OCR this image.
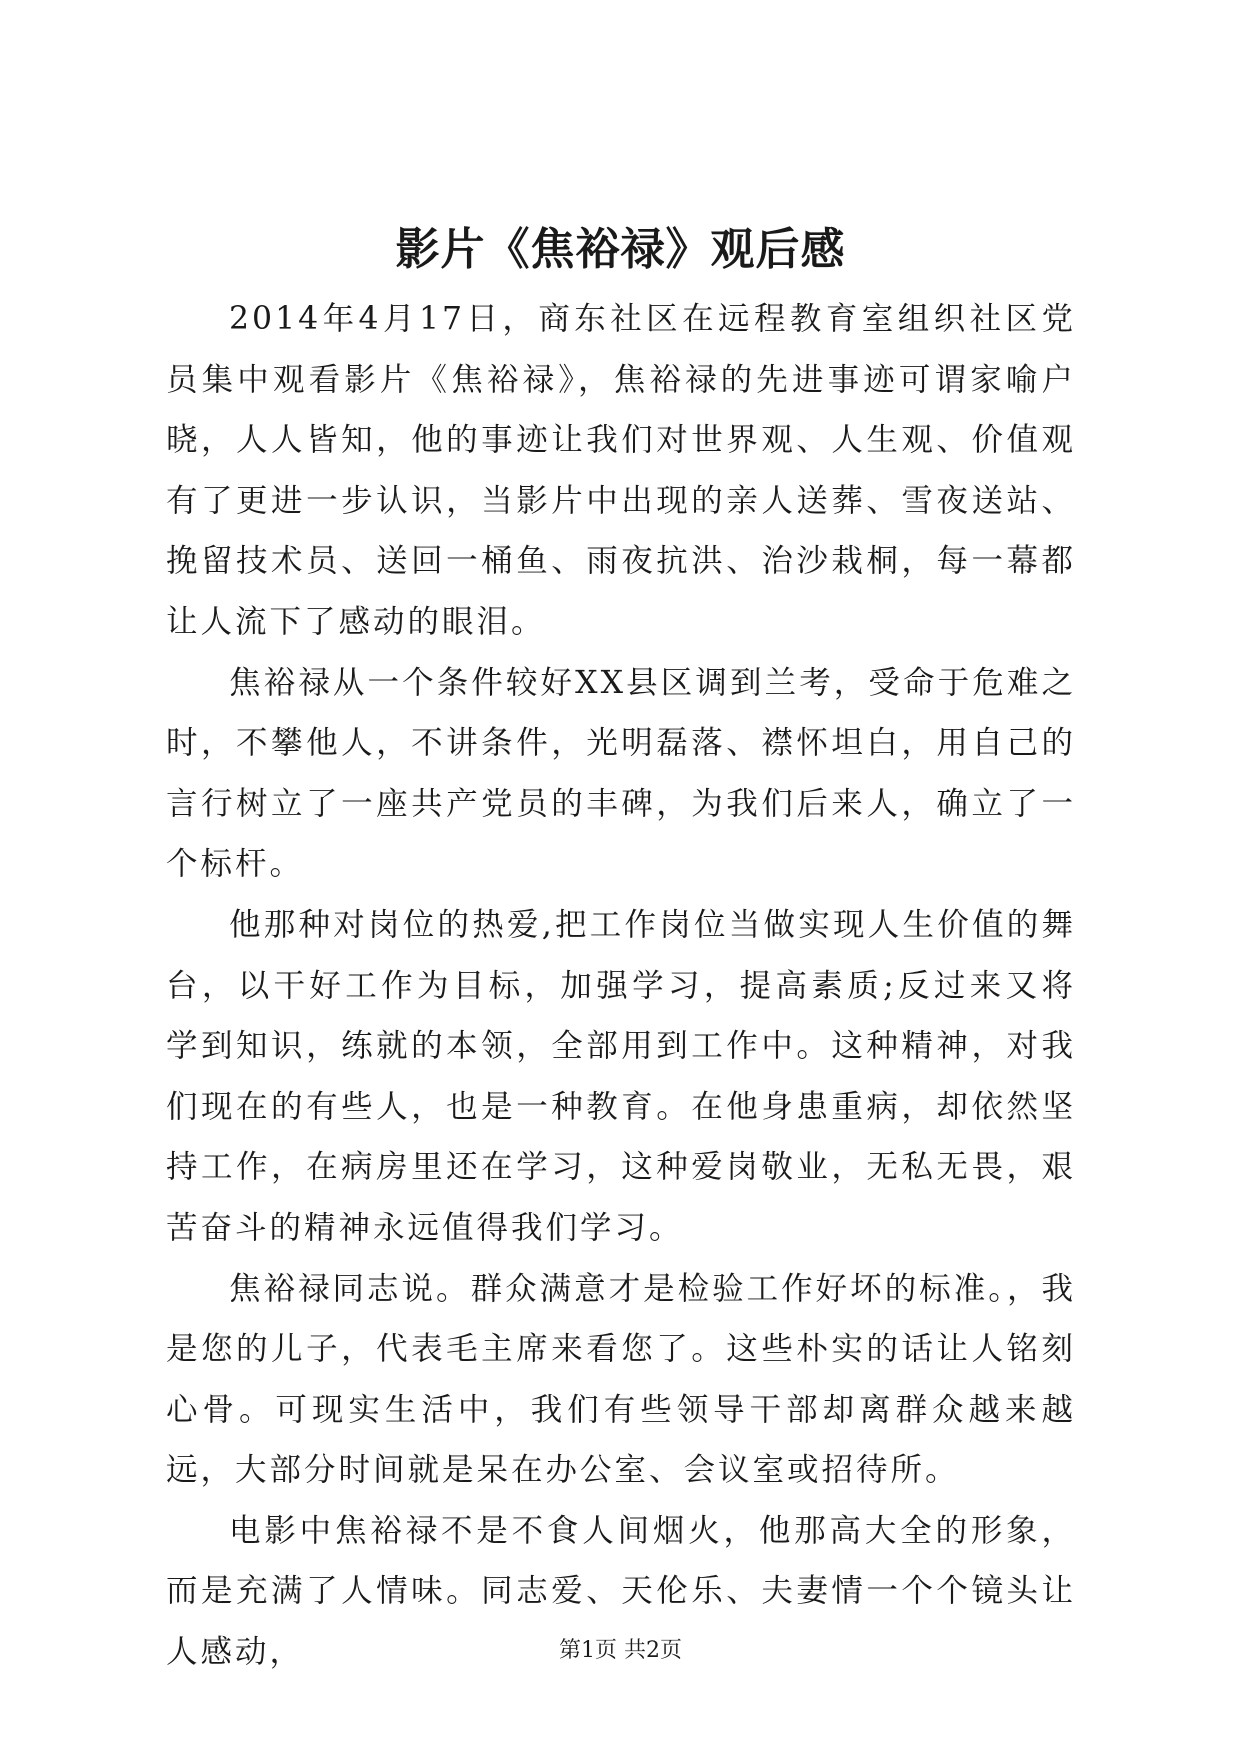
影片《焦裕禄》观后感

2014年4月17日，商东社区在远程教育室组织社区党员集中观看影片《焦裕禄》，焦裕禄的先进事迹可谓家喻户晓，人人皆知，他的事迹让我们对世界观、人生观、价值观有了更进一步认识，当影片中出现的亲人送葬、雪夜送站、挽留技术员、送回一桶鱼、雨夜抗洪、治沙栽桐，每一幕都让人流下了感动的眼泪。

焦裕禄从一个条件较好XX县区调到兰考，受命于危难之时，不攀他人，不讲条件，光明磊落、襟怀坦白，用自己的言行树立了一座共产党员的丰碑，为我们后来人，确立了一个标杆。

他那种对岗位的热爱,把工作岗位当做实现人生价值的舞台，以干好工作为目标，加强学习，提高素质;反过来又将学到知识，练就的本领，全部用到工作中。这种精神，对我们现在的有些人，也是一种教育。在他身患重病，却依然坚持工作，在病房里还在学习，这种爱岗敬业，无私无畏，艰苦奋斗的精神永远值得我们学习。

焦裕禄同志说。群众满意才是检验工作好坏的标准。，我是您的儿子，代表毛主席来看您了。这些朴实的话让人铭刻心骨。可现实生活中，我们有些领导干部却离群众越来越远，大部分时间就是呆在办公室、会议室或招待所。

电影中焦裕禄不是不食人间烟火，他那高大全的形象，而是充满了人情味。同志爱、天伦乐、夫妻情一个个镜头让人感动，	第1页 共2页
